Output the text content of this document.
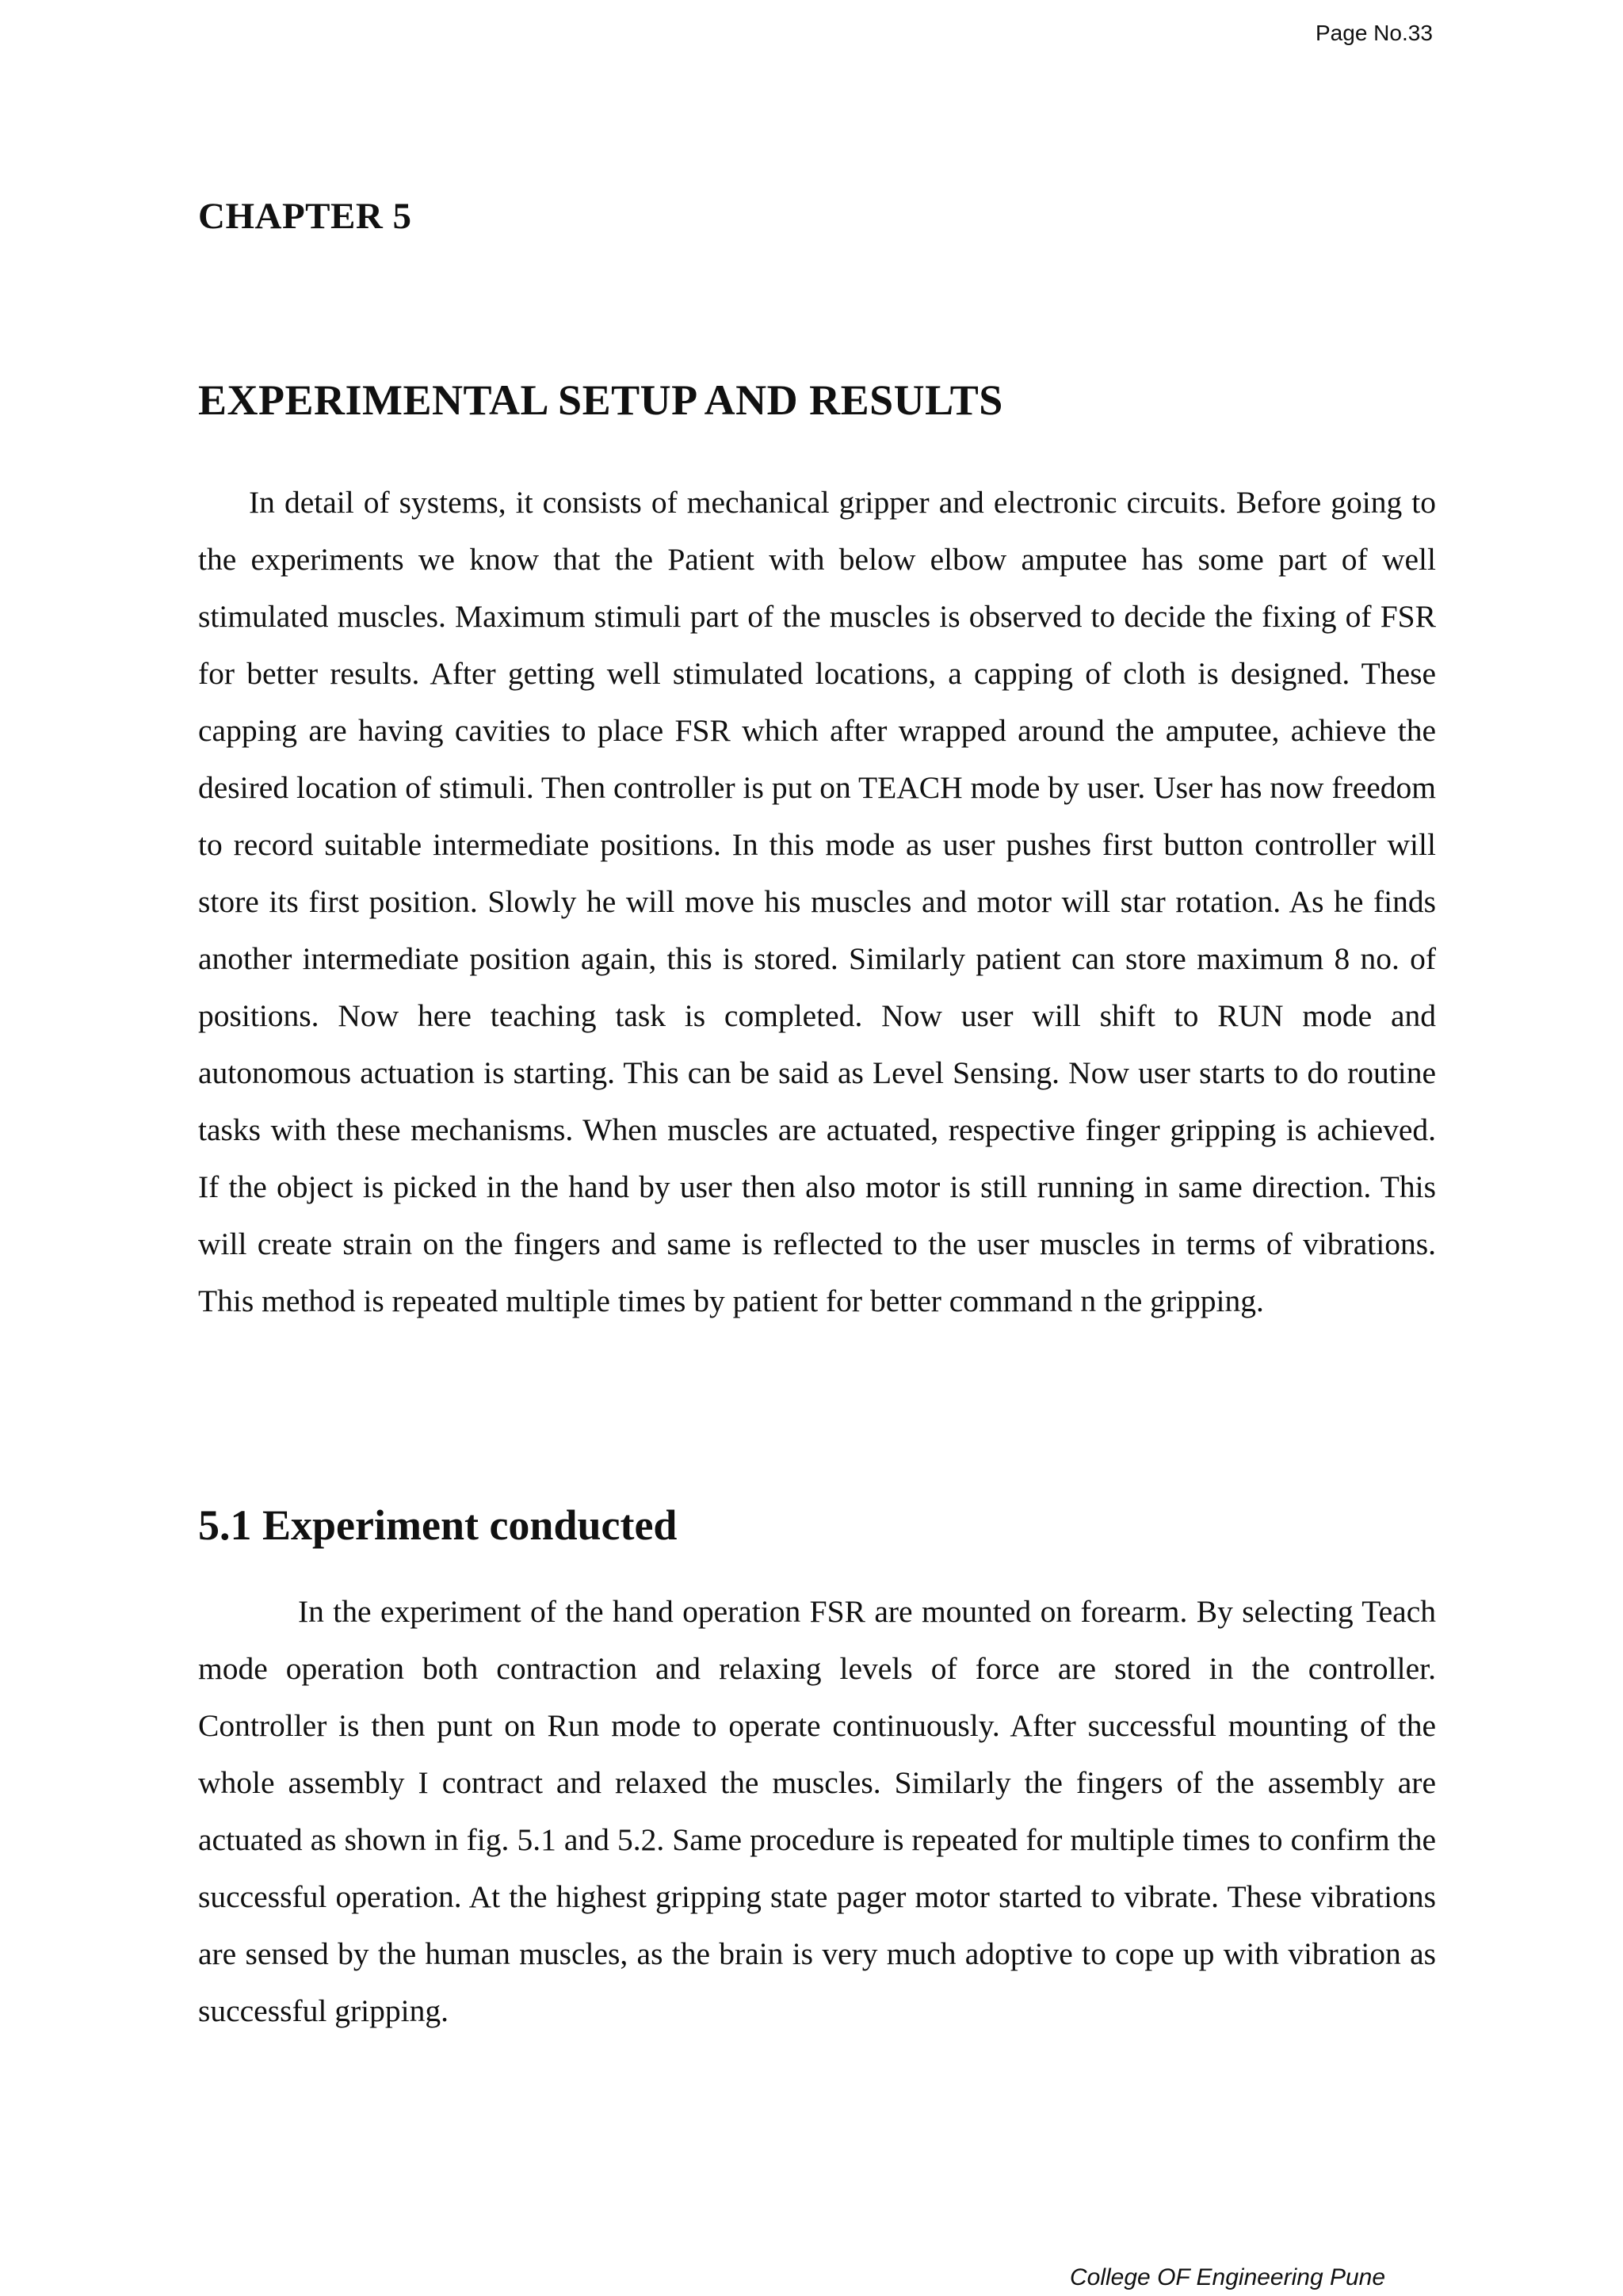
Page No.33
CHAPTER 5
EXPERIMENTAL SETUP AND RESULTS

In detail of systems, it consists of mechanical gripper and electronic circuits. Before going to the experiments we know that the Patient with below elbow amputee has some part of well stimulated muscles. Maximum stimuli part of the muscles is observed to decide the fixing of FSR for better results. After getting well stimulated locations, a capping of cloth is designed. These capping are having cavities to place FSR which after wrapped around the amputee, achieve the desired location of stimuli. Then controller is put on TEACH mode by user. User has now freedom to record suitable intermediate positions. In this mode as user pushes first button controller will store its first position. Slowly he will move his muscles and motor will star rotation. As he finds another intermediate position again, this is stored. Similarly patient can store maximum 8 no. of positions. Now here teaching task is completed. Now user will shift to RUN mode and autonomous actuation is starting. This can be said as Level Sensing. Now user starts to do routine tasks with these mechanisms. When muscles are actuated, respective finger gripping is achieved. If the object is picked in the hand by user then also motor is still running in same direction. This will create strain on the fingers and same is reflected to the user muscles in terms of vibrations. This method is repeated multiple times by patient for better command n the gripping.

5.1 Experiment conducted

In the experiment of the hand operation FSR are mounted on forearm. By selecting Teach mode operation both contraction and relaxing levels of force are stored in the controller. Controller is then punt on Run mode to operate continuously. After successful mounting of the whole assembly I contract and relaxed the muscles. Similarly the fingers of the assembly are actuated as shown in fig. 5.1 and 5.2. Same procedure is repeated for multiple times to confirm the successful operation. At the highest gripping state pager motor started to vibrate. These vibrations are sensed by the human muscles, as the brain is very much adoptive to cope up with vibration as successful gripping.

College OF Engineering Pune
